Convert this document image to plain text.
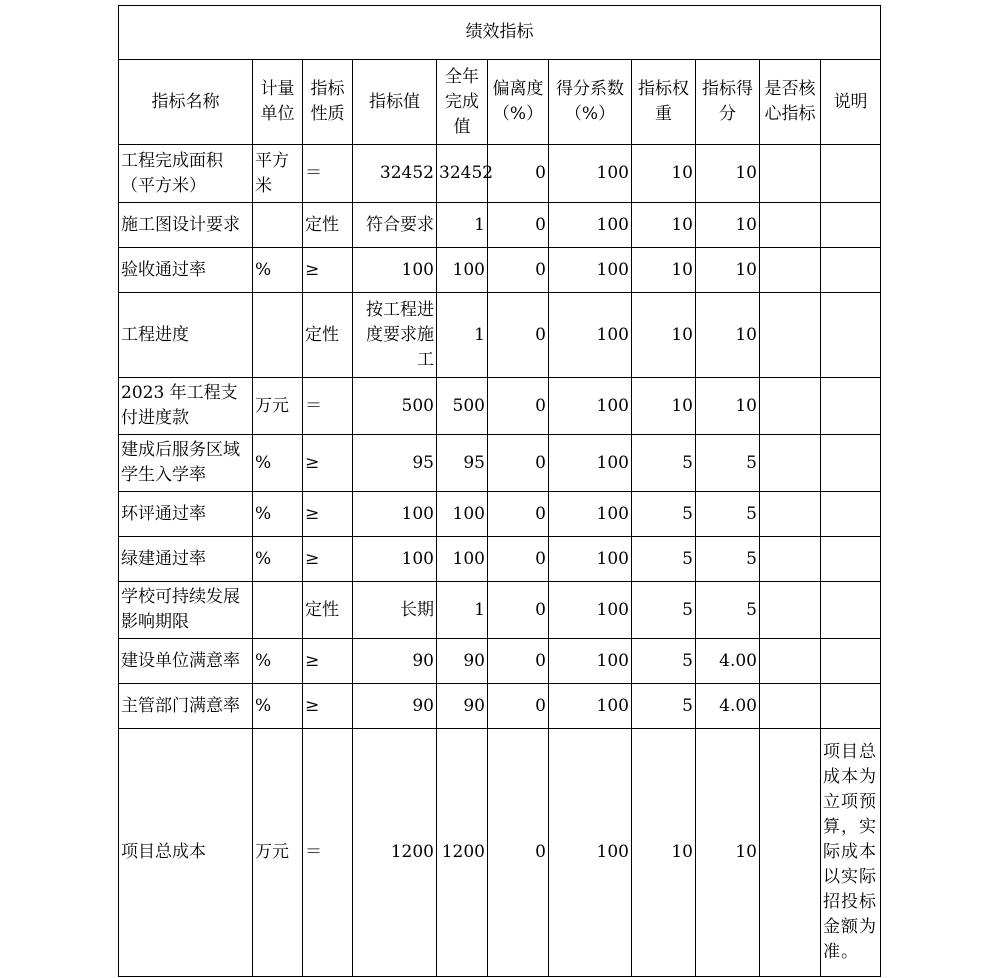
绩效指标										
指标名称	计量单位	指标性质	指标值	全年完成值	偏离度（%）	得分系数（%）	指标权重	指标得分	是否核心指标	说明
工程完成面积（平方米）	平方米	＝	32452	32452	0	100	10	10		
施工图设计要求		定性	符合要求	1	0	100	10	10		
验收通过率	%	≥	100	100	0	100	10	10		
工程进度		定性	按工程进度要求施工	1	0	100	10	10		
2023 年工程支付进度款	万元	＝	500	500	0	100	10	10		
建成后服务区域学生入学率	%	≥	95	95	0	100	5	5		
环评通过率	%	≥	100	100	0	100	5	5		
绿建通过率	%	≥	100	100	0	100	5	5		
学校可持续发展影响期限		定性	长期	1	0	100	5	5		
建设单位满意率	%	≥	90	90	0	100	5	4.00		
主管部门满意率	%	≥	90	90	0	100	5	4.00		
项目总成本	万元	＝	1200	1200	0	100	10	10		项目总成本为立项预算，实际成本以实际招投标金额为准。
